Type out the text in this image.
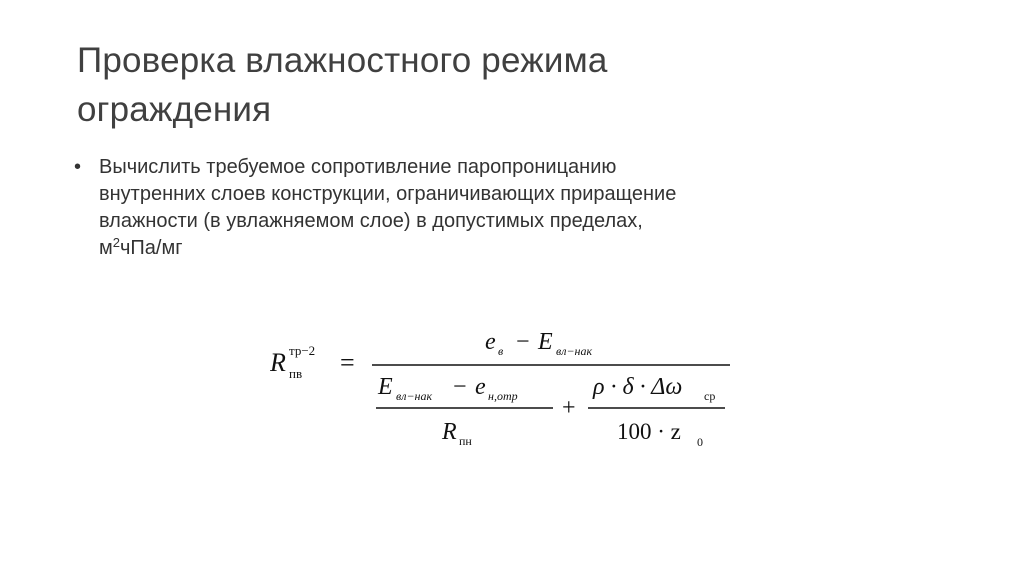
Проверка влажностного режима
ограждения
• Вычислить требуемое сопротивление паропроницанию
внутренних слоев конструкции, ограничивающих приращение
влажности (в увлажняемом слое) в допустимых пределах,
$м^2чПа/мг$
R тр−2
пв =
e в − E вл−нак
E вл−нак − e н,отр
R пн
+
ρ · δ · Δω ср
100 · z 0
